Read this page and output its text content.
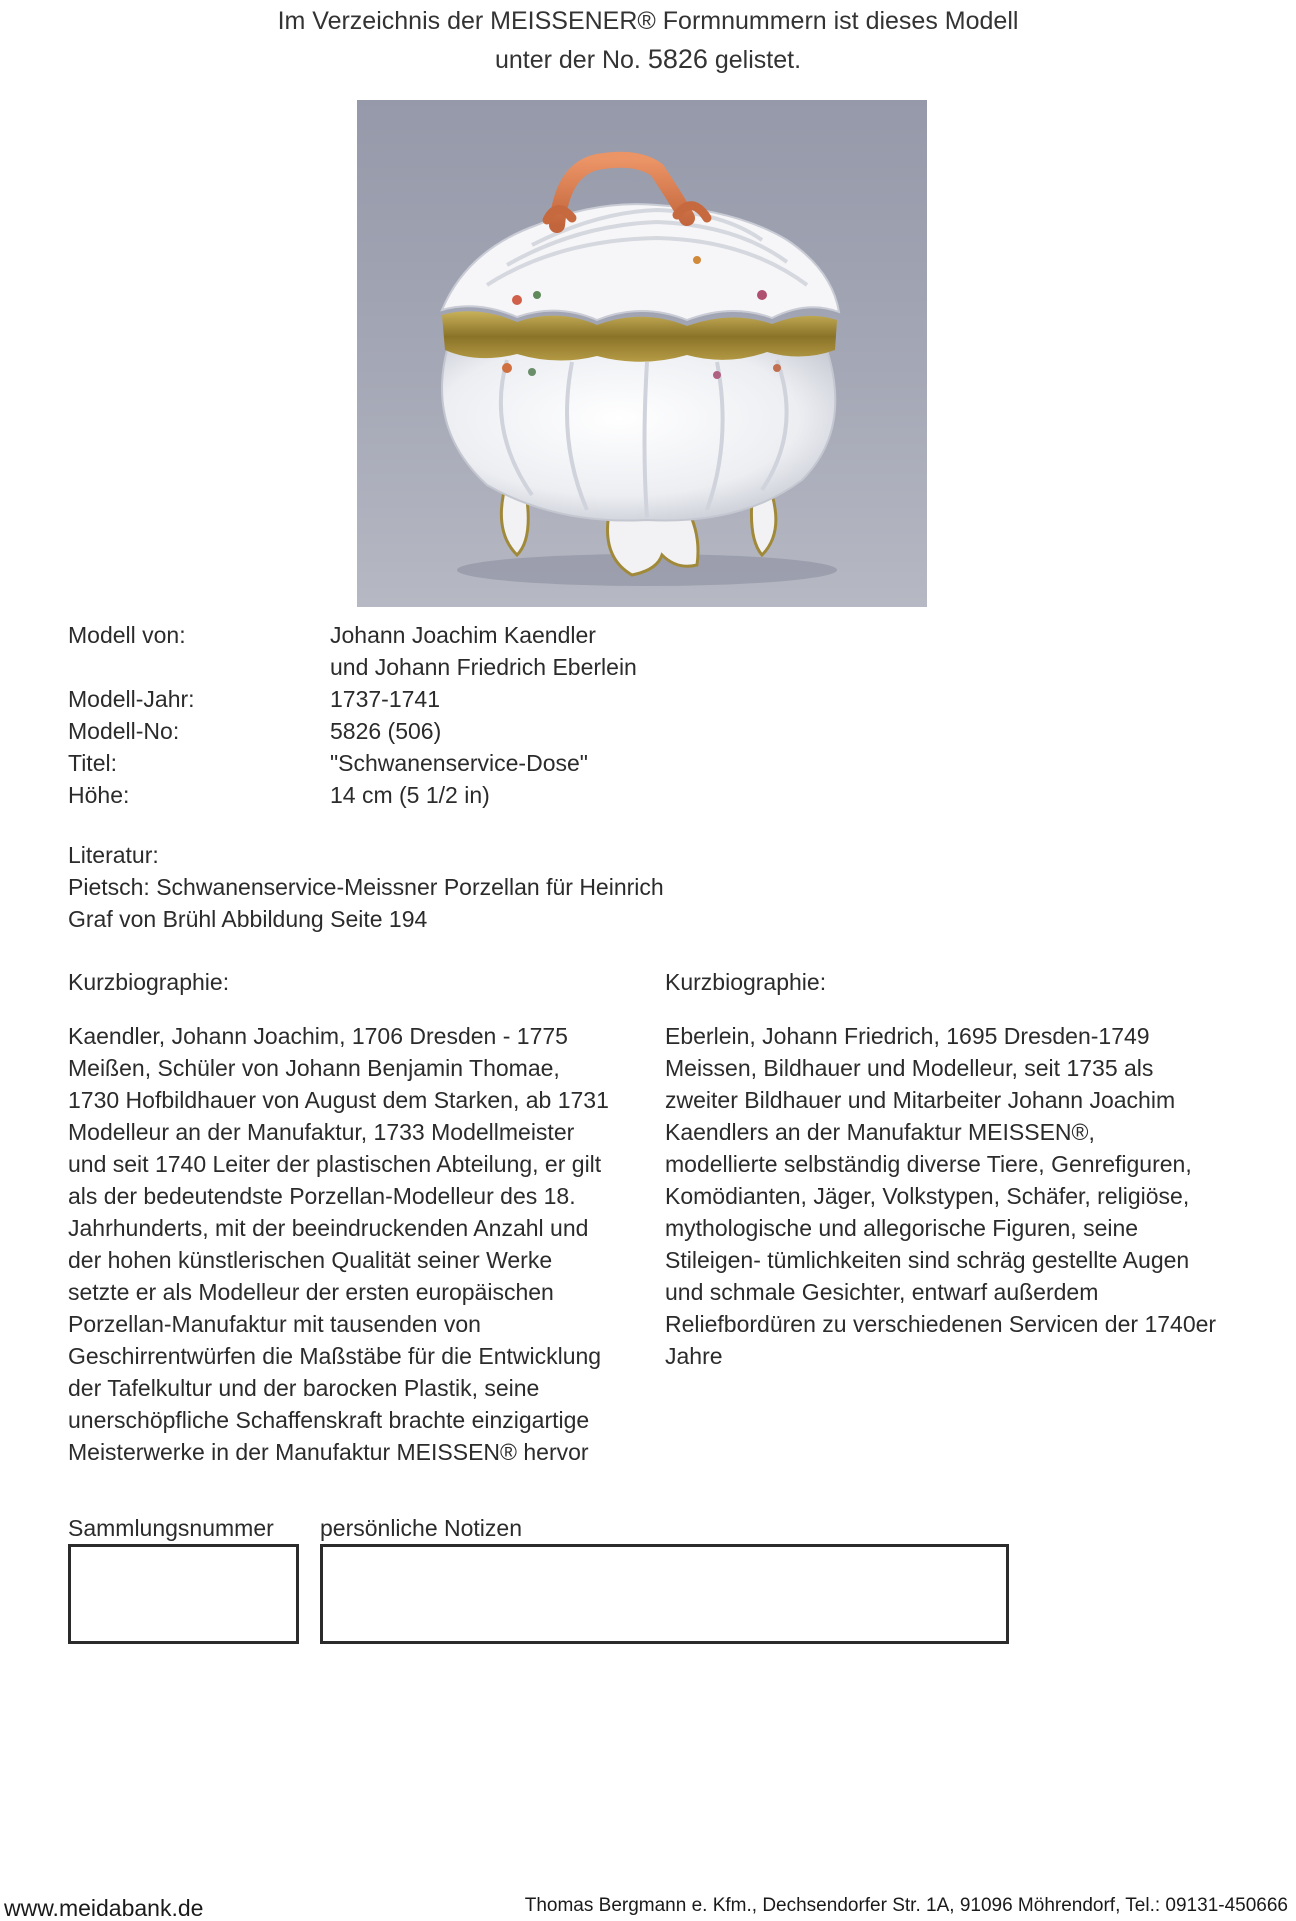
Im Verzeichnis der MEISSENER® Formnummern ist dieses Modell
unter der No. 5826 gelistet.
Modell von:	Johann Joachim Kaendler
und Johann Friedrich Eberlein
Modell-Jahr:	1737-1741
Modell-No:	5826 (506)
Titel:	"Schwanenservice-Dose"
Höhe:	14 cm (5 1/2 in)
Literatur:
Pietsch: Schwanenservice-Meissner Porzellan für Heinrich
Graf von Brühl Abbildung Seite 194
Kurzbiographie:	Kurzbiographie:
Kaendler, Johann Joachim, 1706 Dresden - 1775
Meißen, Schüler von Johann Benjamin Thomae,
1730 Hofbildhauer von August dem Starken, ab 1731
Modelleur an der Manufaktur, 1733 Modellmeister
und seit 1740 Leiter der plastischen Abteilung, er gilt
als der bedeutendste Porzellan-Modelleur des 18.
Jahrhunderts, mit der beeindruckenden Anzahl und
der hohen künstlerischen Qualität seiner Werke
setzte er als Modelleur der ersten europäischen
Porzellan-Manufaktur mit tausenden von
Geschirrentwürfen die Maßstäbe für die Entwicklung
der Tafelkultur und der barocken Plastik, seine
unerschöpfliche Schaffenskraft brachte einzigartige
Meisterwerke in der Manufaktur MEISSEN® hervor
Eberlein, Johann Friedrich, 1695 Dresden-1749
Meissen, Bildhauer und Modelleur, seit 1735 als
zweiter Bildhauer und Mitarbeiter Johann Joachim
Kaendlers an der Manufaktur MEISSEN®,
modellierte selbständig diverse Tiere, Genrefiguren,
Komödianten, Jäger, Volkstypen, Schäfer, religiöse,
mythologische und allegorische Figuren, seine
Stileigen- tümlichkeiten sind schräg gestellte Augen
und schmale Gesichter, entwarf außerdem
Reliefbordüren zu verschiedenen Servicen der 1740er
Jahre
Sammlungsnummer persönliche Notizen
www.meidabank.de	Thomas Bergmann e. Kfm., Dechsendorfer Str. 1A, 91096 Möhrendorf, Tel.: 09131-450666
